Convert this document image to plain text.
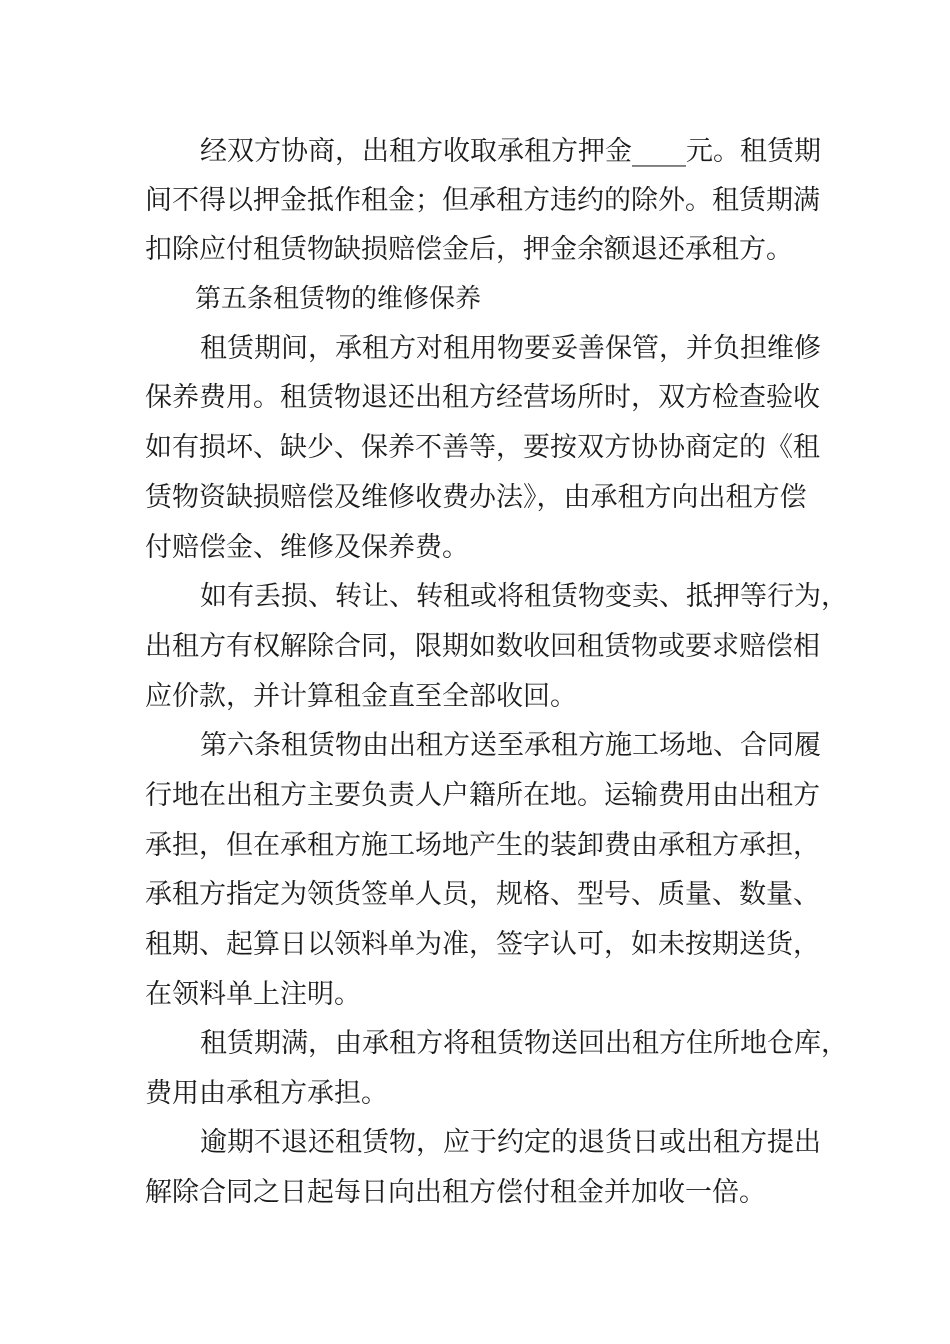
经双方协商，出租方收取承租方押金____元。租赁期

间不得以押金抵作租金；但承租方违约的除外。租赁期满

扣除应付租赁物缺损赔偿金后，押金余额退还承租方。

第五条租赁物的维修保养

租赁期间，承租方对租用物要妥善保管，并负担维修

保养费用。租赁物退还出租方经营场所时，双方检查验收

如有损坏、缺少、保养不善等，要按双方协协商定的《租

赁物资缺损赔偿及维修收费办法》，由承租方向出租方偿

付赔偿金、维修及保养费。

如有丢损、转让、转租或将租赁物变卖、抵押等行为，

出租方有权解除合同，限期如数收回租赁物或要求赔偿相

应价款，并计算租金直至全部收回。

第六条租赁物由出租方送至承租方施工场地、合同履

行地在出租方主要负责人户籍所在地。运输费用由出租方

承担，但在承租方施工场地产生的装卸费由承租方承担，

承租方指定为领货签单人员，规格、型号、质量、数量、

租期、起算日以领料单为准，签字认可，如未按期送货，

在领料单上注明。

租赁期满，由承租方将租赁物送回出租方住所地仓库，

费用由承租方承担。

逾期不退还租赁物，应于约定的退货日或出租方提出

解除合同之日起每日向出租方偿付租金并加收一倍。
